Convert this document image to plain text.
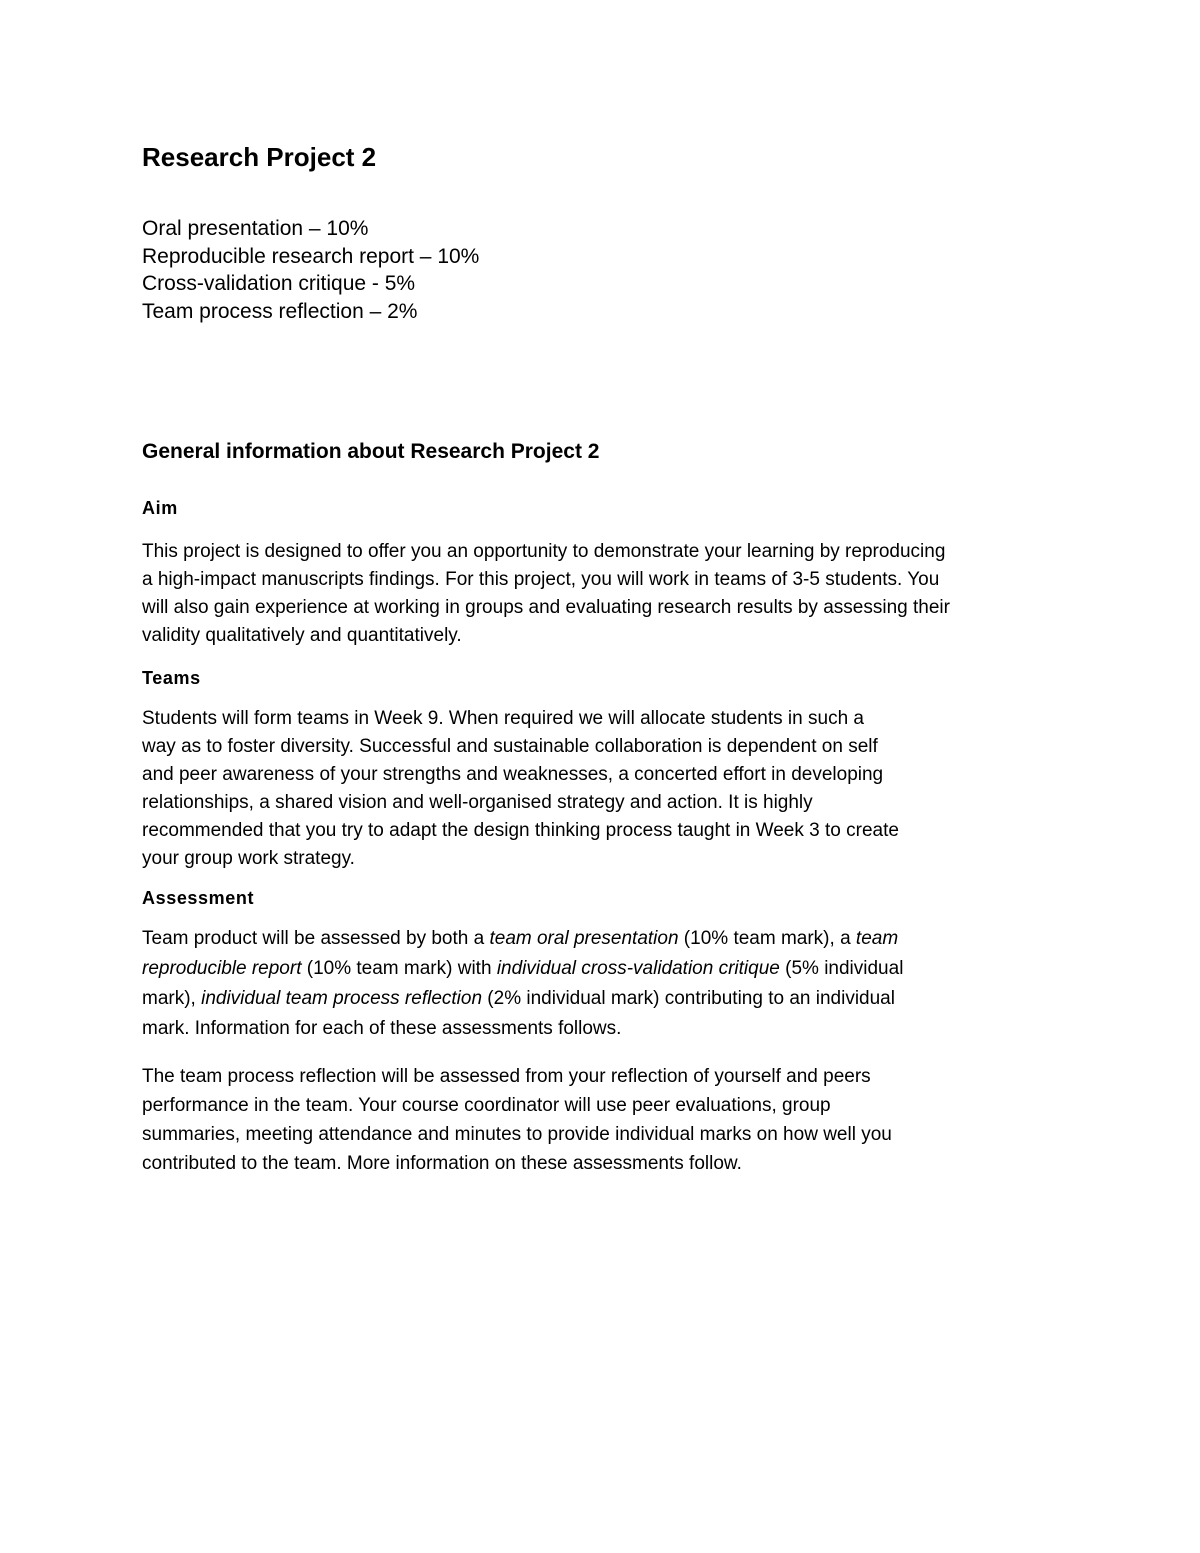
Research Project 2
Oral presentation – 10%
Reproducible research report – 10%
Cross-validation critique - 5%
Team process reflection – 2%
General information about Research Project 2
Aim

This project is designed to offer you an opportunity to demonstrate your learning by reproducing
a high-impact manuscripts findings. For this project, you will work in teams of 3-5 students. You
will also gain experience at working in groups and evaluating research results by assessing their
validity qualitatively and quantitatively.

Teams

Students will form teams in Week 9. When required we will allocate students in such a
way as to foster diversity. Successful and sustainable collaboration is dependent on self
and peer awareness of your strengths and weaknesses, a concerted effort in developing
relationships, a shared vision and well-organised strategy and action. It is highly
recommended that you try to adapt the design thinking process taught in Week 3 to create
your group work strategy.

Assessment

Team product will be assessed by both a team oral presentation (10% team mark), a team
reproducible report (10% team mark) with individual cross-validation critique (5% individual
mark), individual team process reflection (2% individual mark) contributing to an individual
mark. Information for each of these assessments follows.

The team process reflection will be assessed from your reflection of yourself and peers
performance in the team. Your course coordinator will use peer evaluations, group
summaries, meeting attendance and minutes to provide individual marks on how well you
contributed to the team. More information on these assessments follow.
